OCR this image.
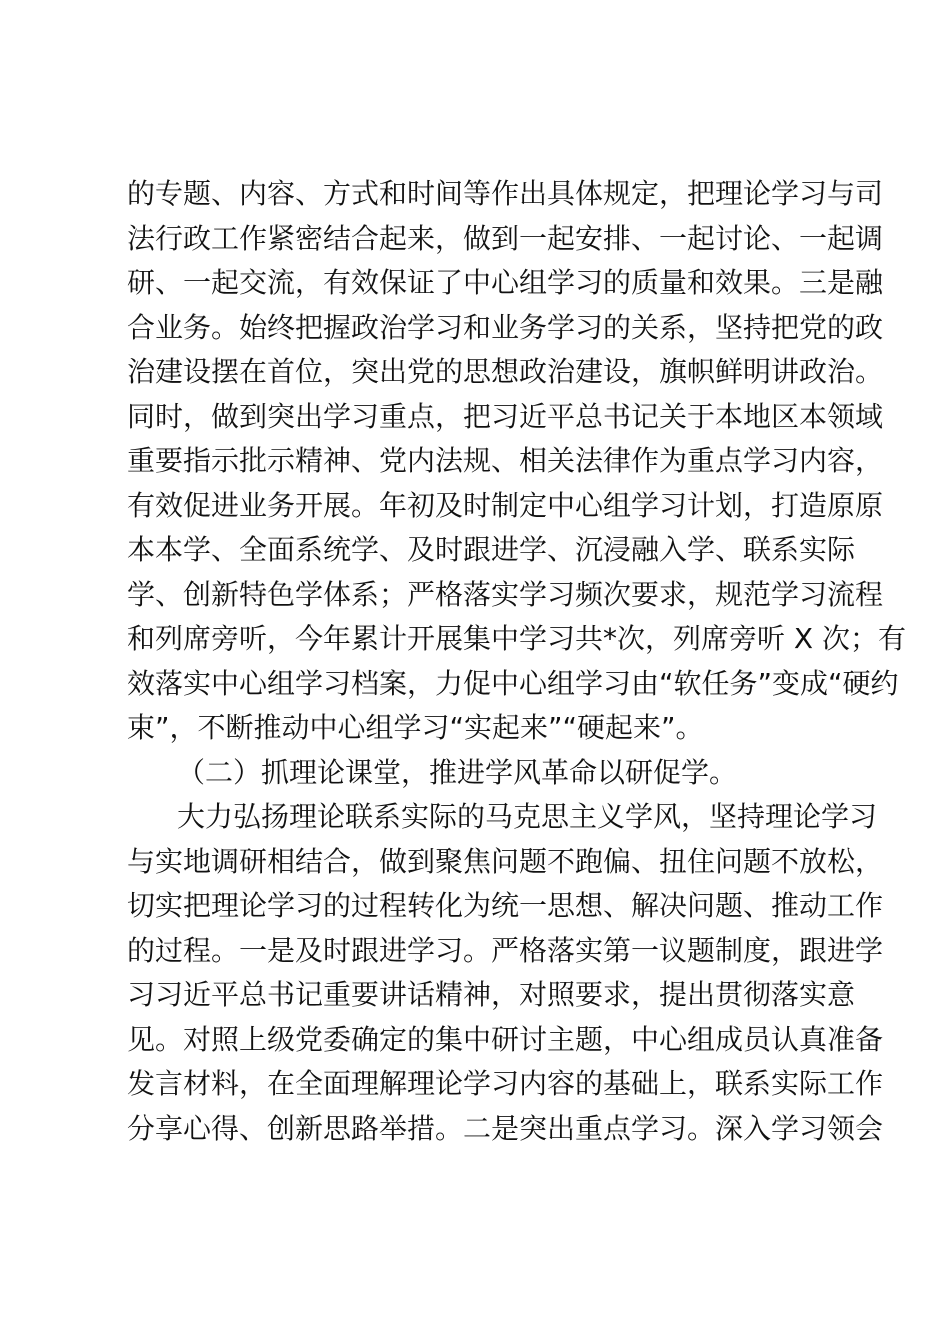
的专题、内容、方式和时间等作出具体规定，把理论学习与司
法行政工作紧密结合起来，做到一起安排、一起讨论、一起调
研、一起交流，有效保证了中心组学习的质量和效果。三是融
合业务。始终把握政治学习和业务学习的关系，坚持把党的政
治建设摆在首位，突出党的思想政治建设，旗帜鲜明讲政治。
同时，做到突出学习重点，把习近平总书记关于本地区本领域
重要指示批示精神、党内法规、相关法律作为重点学习内容，
有效促进业务开展。年初及时制定中心组学习计划，打造原原
本本学、全面系统学、及时跟进学、沉浸融入学、联系实际
学、创新特色学体系；严格落实学习频次要求，规范学习流程
和列席旁听，今年累计开展集中学习共*次，列席旁听 X 次；有
效落实中心组学习档案，力促中心组学习由“软任务”变成“硬约
束”，不断推动中心组学习“实起来”“硬起来”。
（二）抓理论课堂，推进学风革命以研促学。
大力弘扬理论联系实际的马克思主义学风，坚持理论学习
与实地调研相结合，做到聚焦问题不跑偏、扭住问题不放松，
切实把理论学习的过程转化为统一思想、解决问题、推动工作
的过程。一是及时跟进学习。严格落实第一议题制度，跟进学
习习近平总书记重要讲话精神，对照要求，提出贯彻落实意
见。对照上级党委确定的集中研讨主题，中心组成员认真准备
发言材料，在全面理解理论学习内容的基础上，联系实际工作
分享心得、创新思路举措。二是突出重点学习。深入学习领会
